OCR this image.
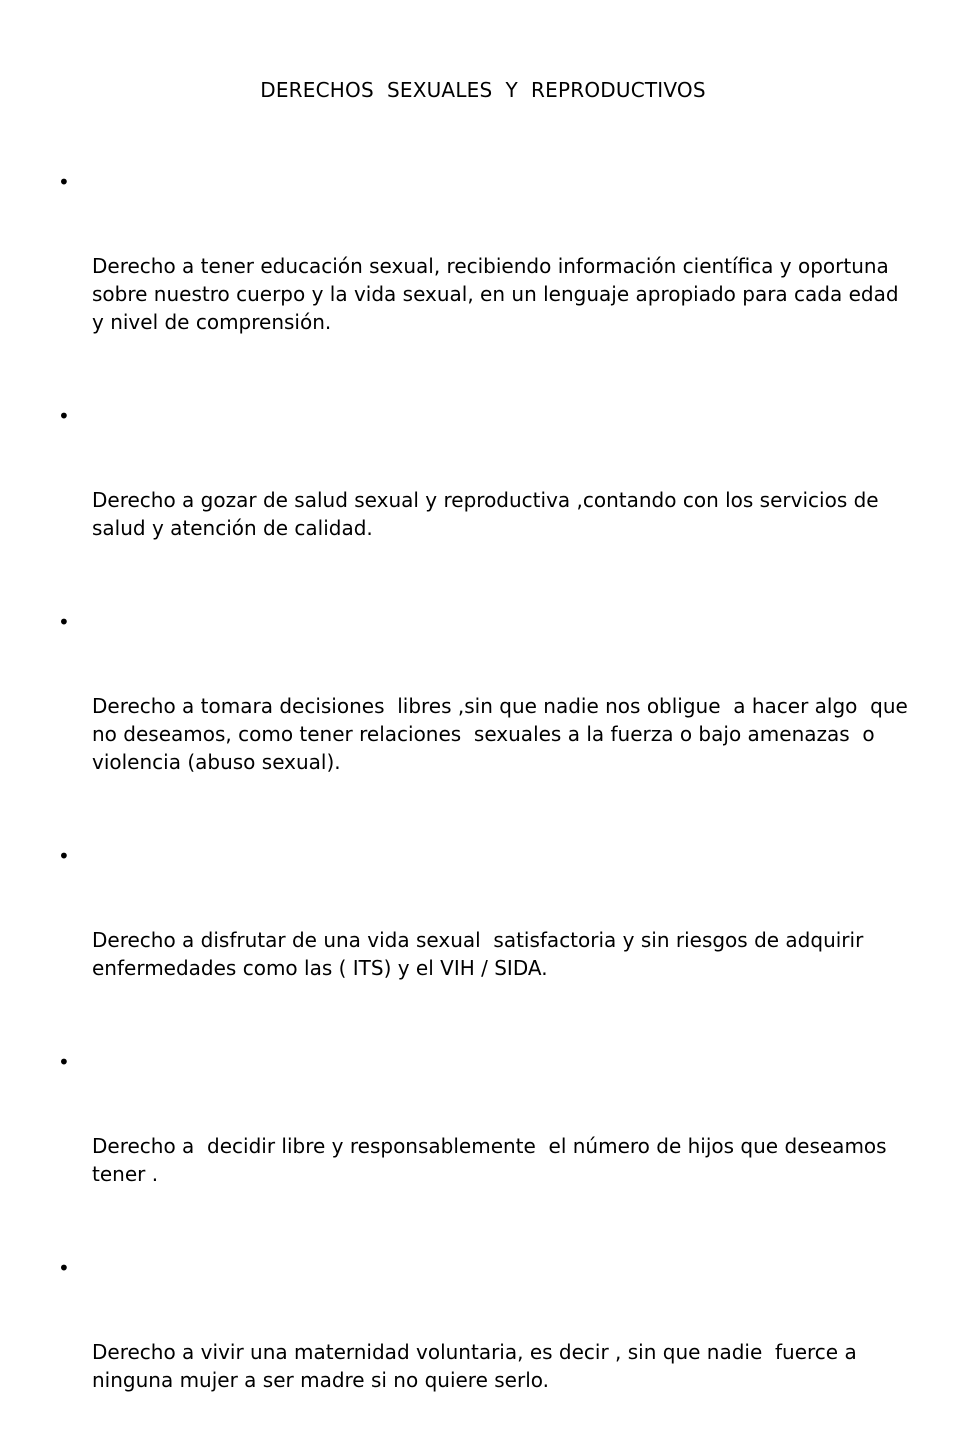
DERECHOS  SEXUALES  Y  REPRODUCTIVOS

•

Derecho a tener educación sexual, recibiendo información científica y oportuna sobre nuestro cuerpo y la vida sexual, en un lenguaje apropiado para cada edad  y nivel de comprensión.

•

Derecho a gozar de salud sexual y reproductiva ,contando con los servicios de salud y atención de calidad.

•

Derecho a tomara decisiones  libres ,sin que nadie nos obligue  a hacer algo  que no deseamos, como tener relaciones  sexuales a la fuerza o bajo amenazas  o violencia (abuso sexual).

•

Derecho a disfrutar de una vida sexual  satisfactoria y sin riesgos de adquirir enfermedades como las ( ITS) y el VIH / SIDA.

•

Derecho a  decidir libre y responsablemente  el número de hijos que deseamos tener .

•

Derecho a vivir una maternidad voluntaria, es decir , sin que nadie  fuerce a ninguna mujer a ser madre si no quiere serlo.
